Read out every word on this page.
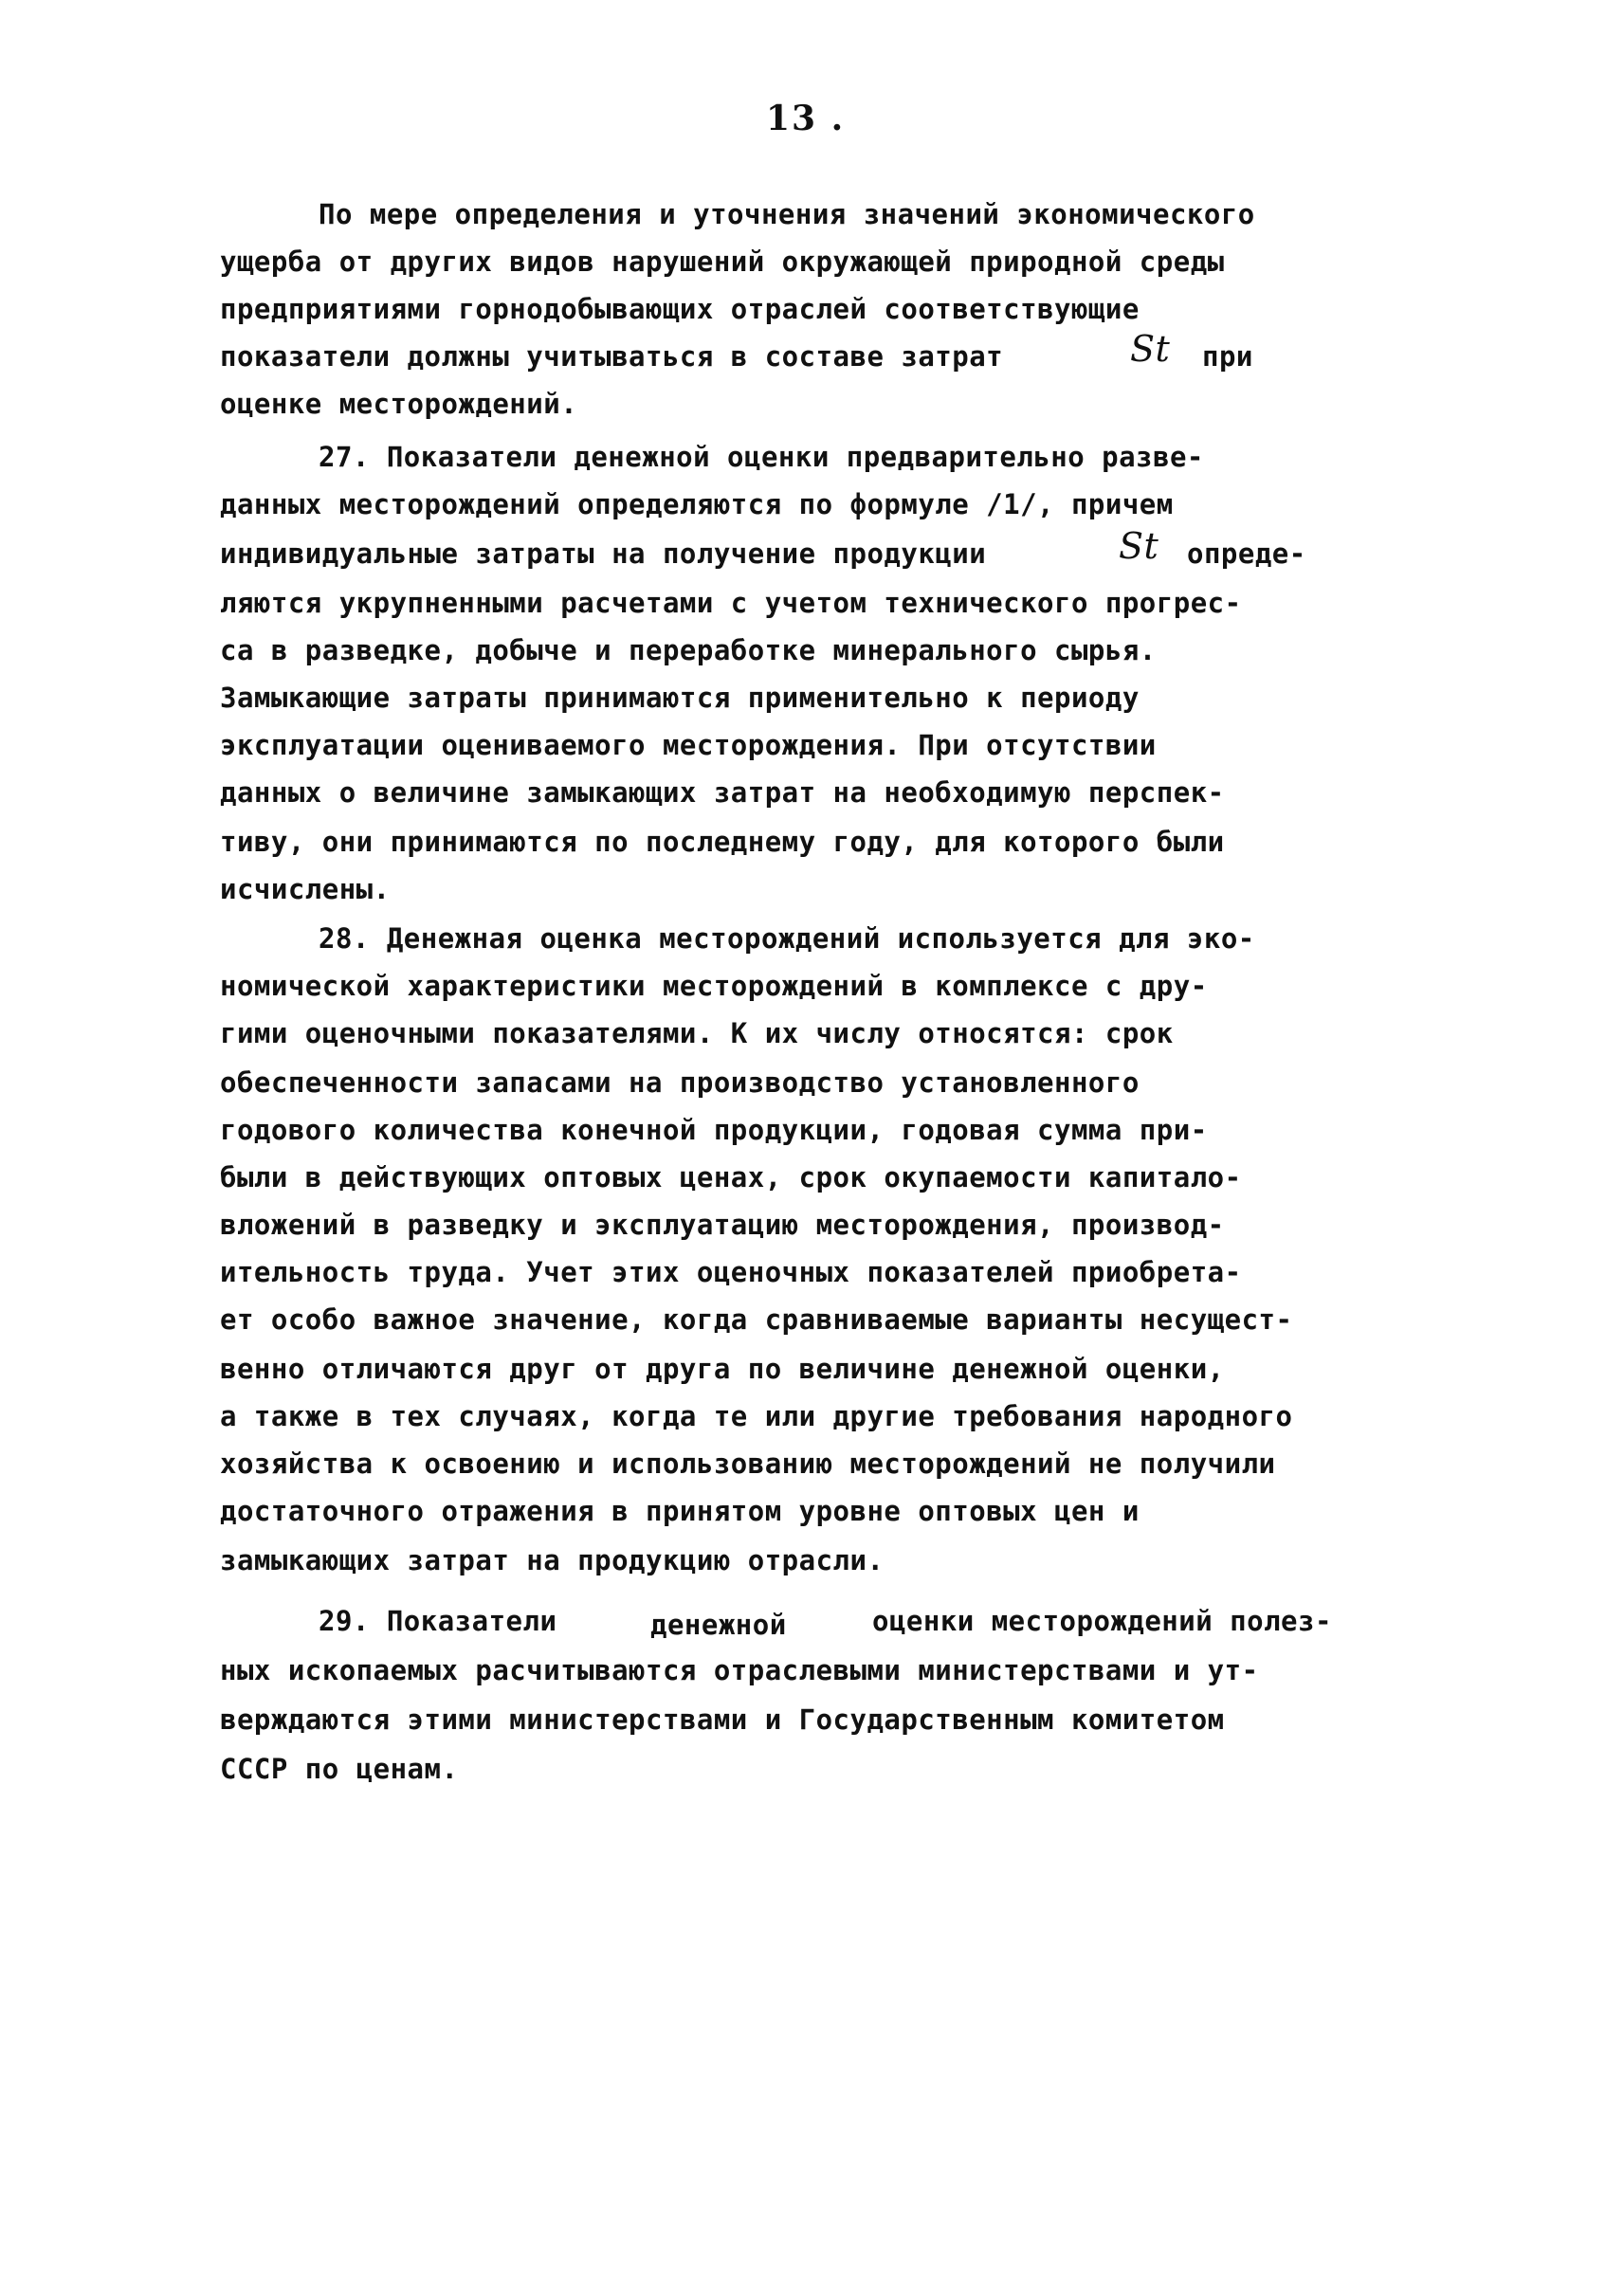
13 .
По мере определения и уточнения значений экономического
ущерба от других видов нарушений окружающей природной среды
предприятиями горнодобывающих отраслей соответствующие
показатели должны учитываться в составе затрат	St при
оценке месторождений.
27. Показатели денежной оценки предварительно разве-
данных месторождений определяются по формуле /1/, причем
индивидуальные затраты на получение продукции	St опреде-
ляются укрупненными расчетами с учетом технического прогрес-
са в разведке, добыче и переработке минерального сырья.
Замыкающие затраты принимаются применительно к периоду
эксплуатации оцениваемого месторождения. При отсутствии
данных о величине замыкающих затрат на необходимую перспек-
тиву, они принимаются по последнему году, для которого были
исчислены.
28. Денежная оценка месторождений используется для эко-
номической характеристики месторождений в комплексе с дру-
гими оценочными показателями. К их числу относятся: срок
обеспеченности запасами на производство установленного
годового количества конечной продукции, годовая сумма при-
были в действующих оптовых ценах, срок окупаемости капитало-
вложений в разведку и эксплуатацию месторождения, производ-
ительность труда. Учет этих оценочных показателей приобрета-
ет особо важное значение, когда сравниваемые варианты несущест-
венно отличаются друг от друга по величине денежной оценки,
а также в тех случаях, когда те или другие требования народного
хозяйства к освоению и использованию месторождений не получили
достаточного отражения в принятом уровне оптовых цен и
замыкающих затрат на продукцию отрасли.
29. Показатели	денежной	оценки месторождений полез-
ных ископаемых расчитываются отраслевыми министерствами и ут-
верждаются этими министерствами и Государственным комитетом
СССР по ценам.
